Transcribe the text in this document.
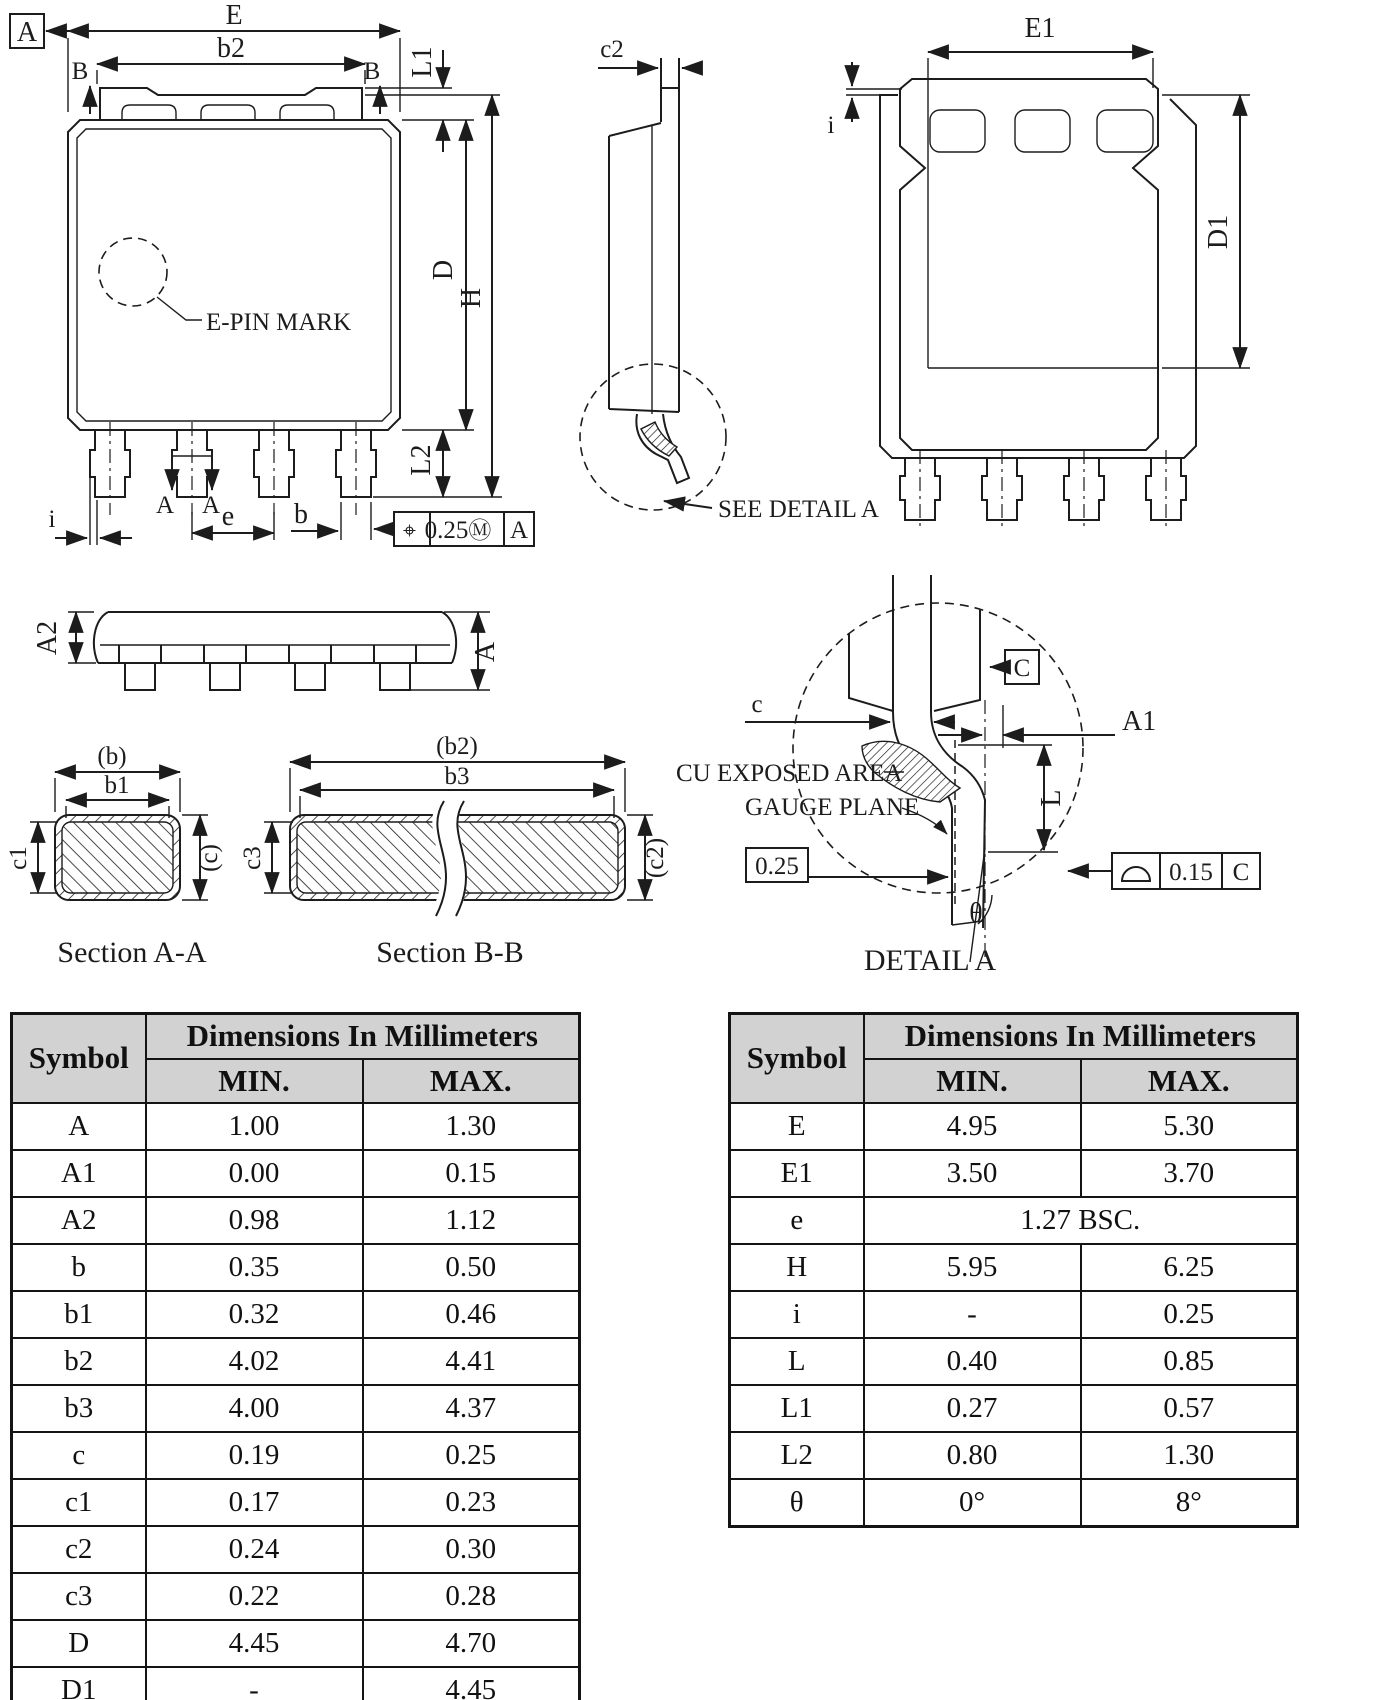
A
E
b2
B	B
E-PIN MARK
i
A A e b
L1
D
H
L2
⌖ 0.25Ⓜ A
c2
SEE DETAIL A
E1
i
D1
A2	A
(b)
b1
c1	(c)
Section A-A
(b2)
b3
c3	(c2)
Section B-B
c
C
A1
CU EXPOSED AREA
GAUGE PLANE
0.25
L
θ
0.15 C
DETAIL A
Symbol	Dimensions In Millimeters	
	MIN.	MAX.
A	1.00	1.30
A1	0.00	0.15
A2	0.98	1.12
b	0.35	0.50
b1	0.32	0.46
b2	4.02	4.41
b3	4.00	4.37
c	0.19	0.25
c1	0.17	0.23
c2	0.24	0.30
c3	0.22	0.28
D	4.45	4.70
D1	-	4.45
Symbol	Dimensions In Millimeters	
	MIN.	MAX.
E	4.95	5.30
E1	3.50	3.70
e	1.27 BSC.	
H	5.95	6.25
i	-	0.25
L	0.40	0.85
L1	0.27	0.57
L2	0.80	1.30
θ	0°	8°
